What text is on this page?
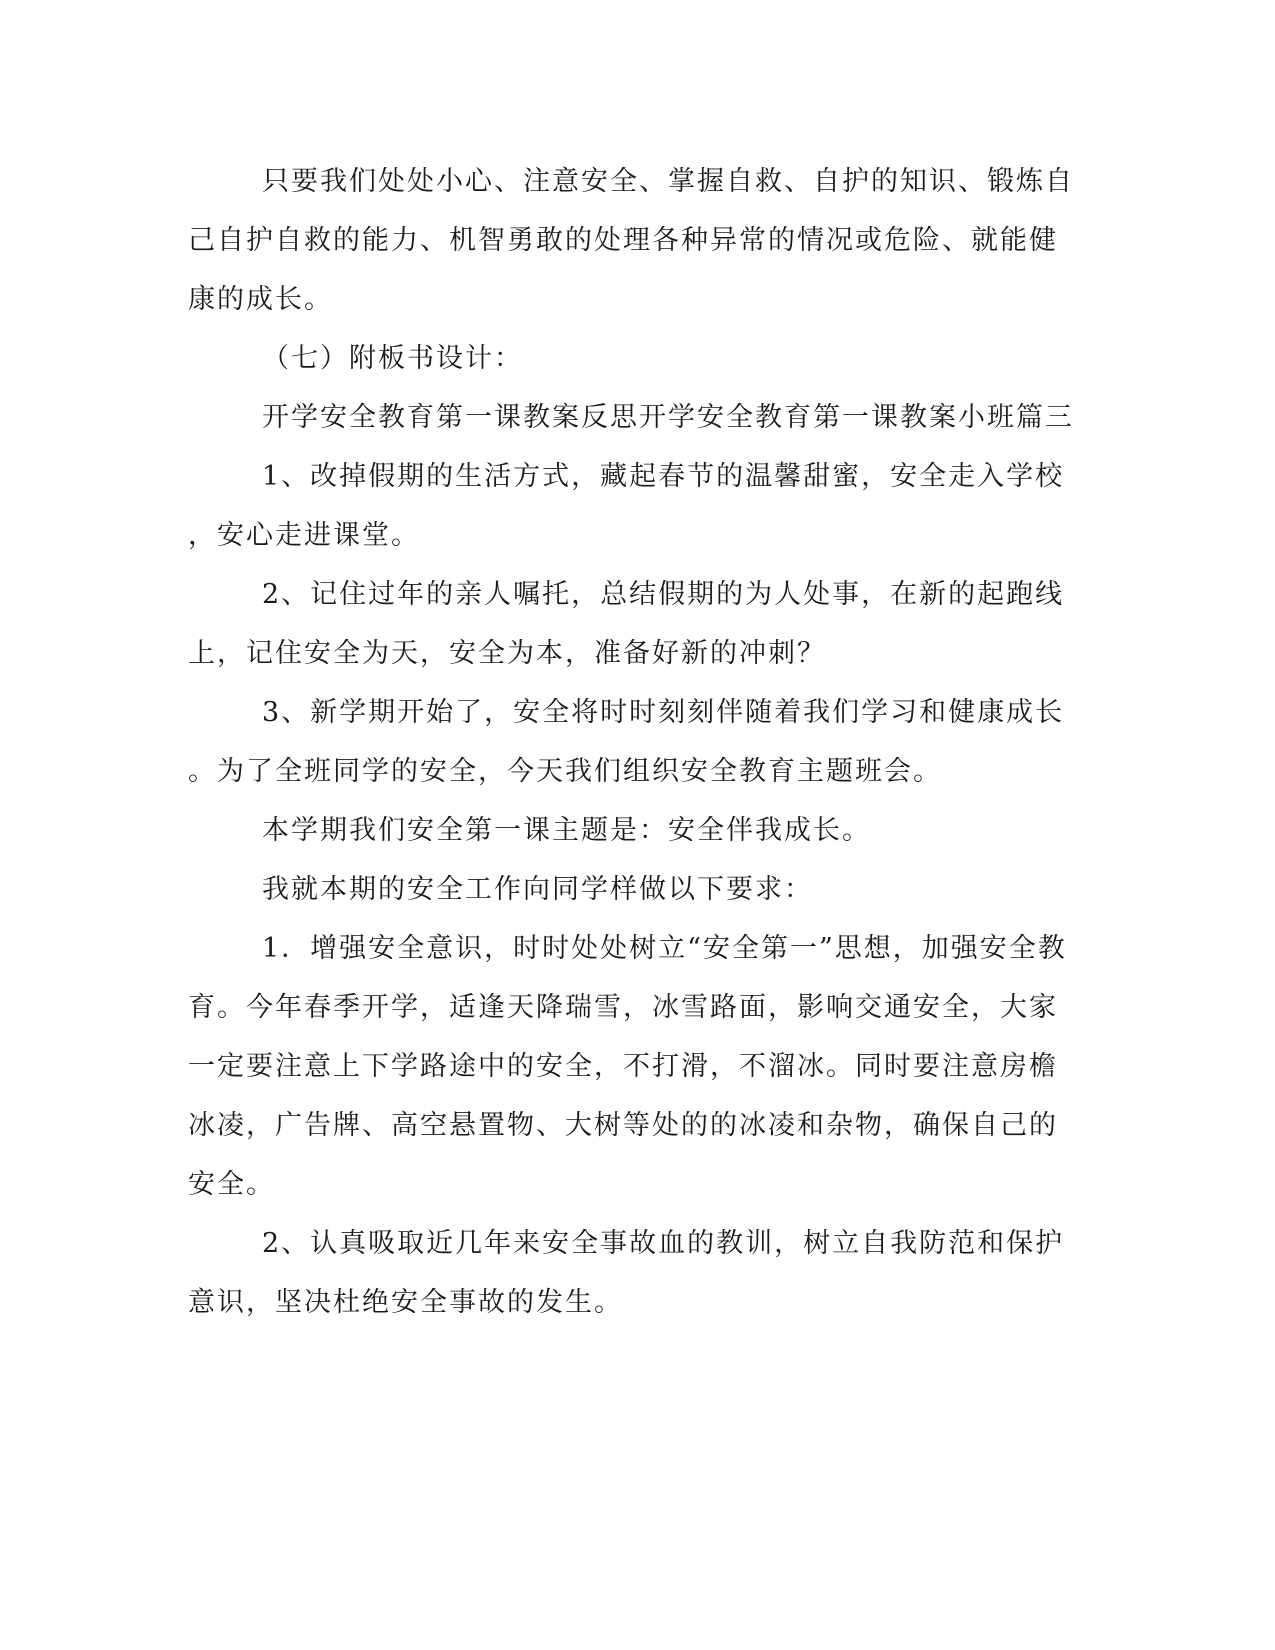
只要我们处处小心、注意安全、掌握自救、自护的知识、锻炼自
己自护自救的能力、机智勇敢的处理各种异常的情况或危险、就能健
康的成长。
（七）附板书设计：
开学安全教育第一课教案反思开学安全教育第一课教案小班篇三
1、改掉假期的生活方式，藏起春节的温馨甜蜜，安全走入学校
，安心走进课堂。
2、记住过年的亲人嘱托，总结假期的为人处事，在新的起跑线
上，记住安全为天，安全为本，准备好新的冲刺？
3、新学期开始了，安全将时时刻刻伴随着我们学习和健康成长
。为了全班同学的安全，今天我们组织安全教育主题班会。
本学期我们安全第一课主题是：安全伴我成长。
我就本期的安全工作向同学样做以下要求：
1．增强安全意识，时时处处树立“安全第一”思想，加强安全教
育。今年春季开学，适逢天降瑞雪，冰雪路面，影响交通安全，大家
一定要注意上下学路途中的安全，不打滑，不溜冰。同时要注意房檐
冰凌，广告牌、高空悬置物、大树等处的的冰凌和杂物，确保自己的
安全。
2、认真吸取近几年来安全事故血的教训，树立自我防范和保护
意识，坚决杜绝安全事故的发生。
